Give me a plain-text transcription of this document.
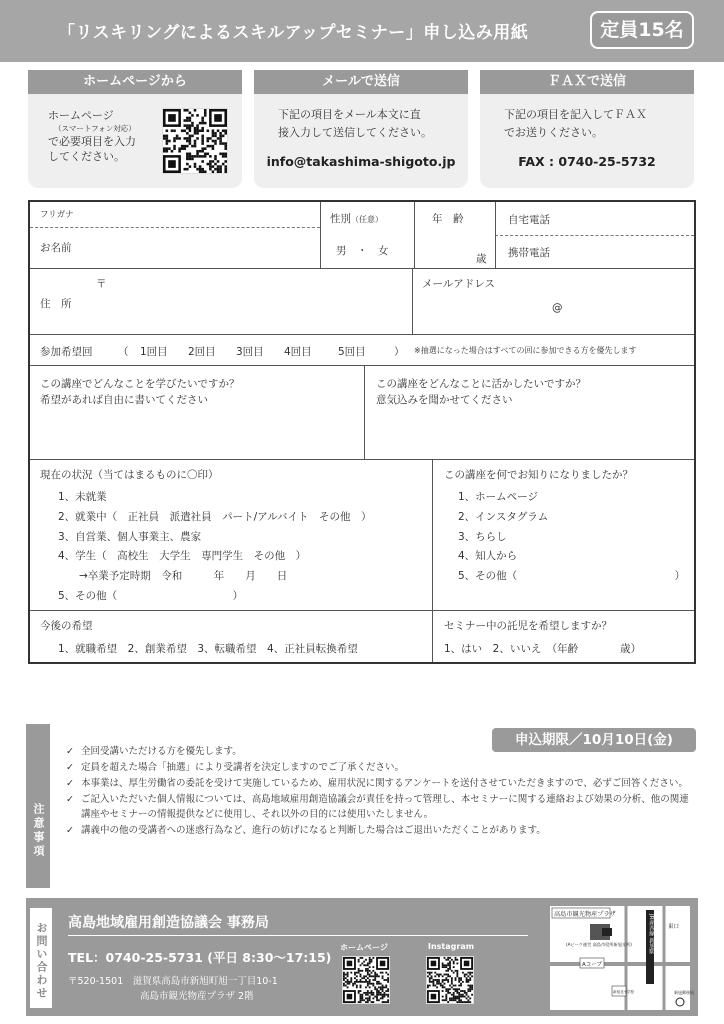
「リスキリングによるスキルアップセミナー」申し込み用紙	定員15名
ホームページから
ホームページ
（スマートフォン対応）
で必要項目を入力
してください。
メールで送信
下記の項目をメール本文に直
接入力して送信してください。
info@takashima-shigoto.jp
ＦＡＸで送信
下記の項目を記入してＦＡＸ
でお送りください。
FAX : 0740-25-5732
フリガナ
お名前
性別（任意）
男　・　女
年　齢
歳
自宅電話
携帯電話
〒
住　所
メールアドレス
@
参加希望回 （ 1回目 2回目 3回目 4回目	5回目	） ※抽選になった場合はすべての回に参加できる方を優先します
この講座でどんなことを学びたいですか？
希望があれば自由に書いてください
この講座をどんなことに活かしたいですか？
意気込みを聞かせてください
現在の状況（当てはまるものに〇印）
1、未就業
2、就業中（　正社員　派遣社員　パート/アルバイト　その他　）
3、自営業、個人事業主、農家
4、学生（　高校生　大学生　専門学生　その他　）
　　→卒業予定時期　令和　　　年　　月　　日
5、その他（　　　　　　　　　　　）
この講座を何でお知りになりましたか？
1、ホームページ
2、インスタグラム
3、ちらし
4、知人から
5、その他（　　　　　　　　　　　　　　　）
今後の希望
1、就職希望　2、創業希望　3、転職希望　4、正社員転換希望
セミナー中の託児を希望しますか？
1、はい　2、いいえ　（年齢　　　　歳）
注意事項
申込期限／10月10日(金)
✓ 全回受講いただける方を優先します。
✓ 定員を超えた場合「抽選」により受講者を決定しますのでご了承ください。
✓ 本事業は、厚生労働省の委託を受けて実施しているため、雇用状況に関するアンケートを送付させていただきますので、必ずご回答ください。
✓ ご記入いただいた個人情報については、高島地域雇用創造協議会が責任を持って管理し、本セミナーに関する連絡および効果の分析、他の関連講座やセミナーの情報提供などに使用し、それ以外の目的には使用いたしません。
✓ 講義中の他の受講者への迷惑行為など、進行の妨げになると判断した場合はご退出いただくことがあります。
お問い合わせ 高島地域雇用創造協議会 事務局
TEL：0740-25-5731 (平日 8:30〜17:15)
〒520-1501　滋賀県高島市新旭町旭一丁目10-1
高島市観光物産プラザ 2階
ホームページ	Instagram
高島市観光物産プラザ	JR湖西線 新旭駅	東口
(Aピーク運営 高島市役所新旭支所)
Aコープ
新旭北小学校	新旭郵便局
